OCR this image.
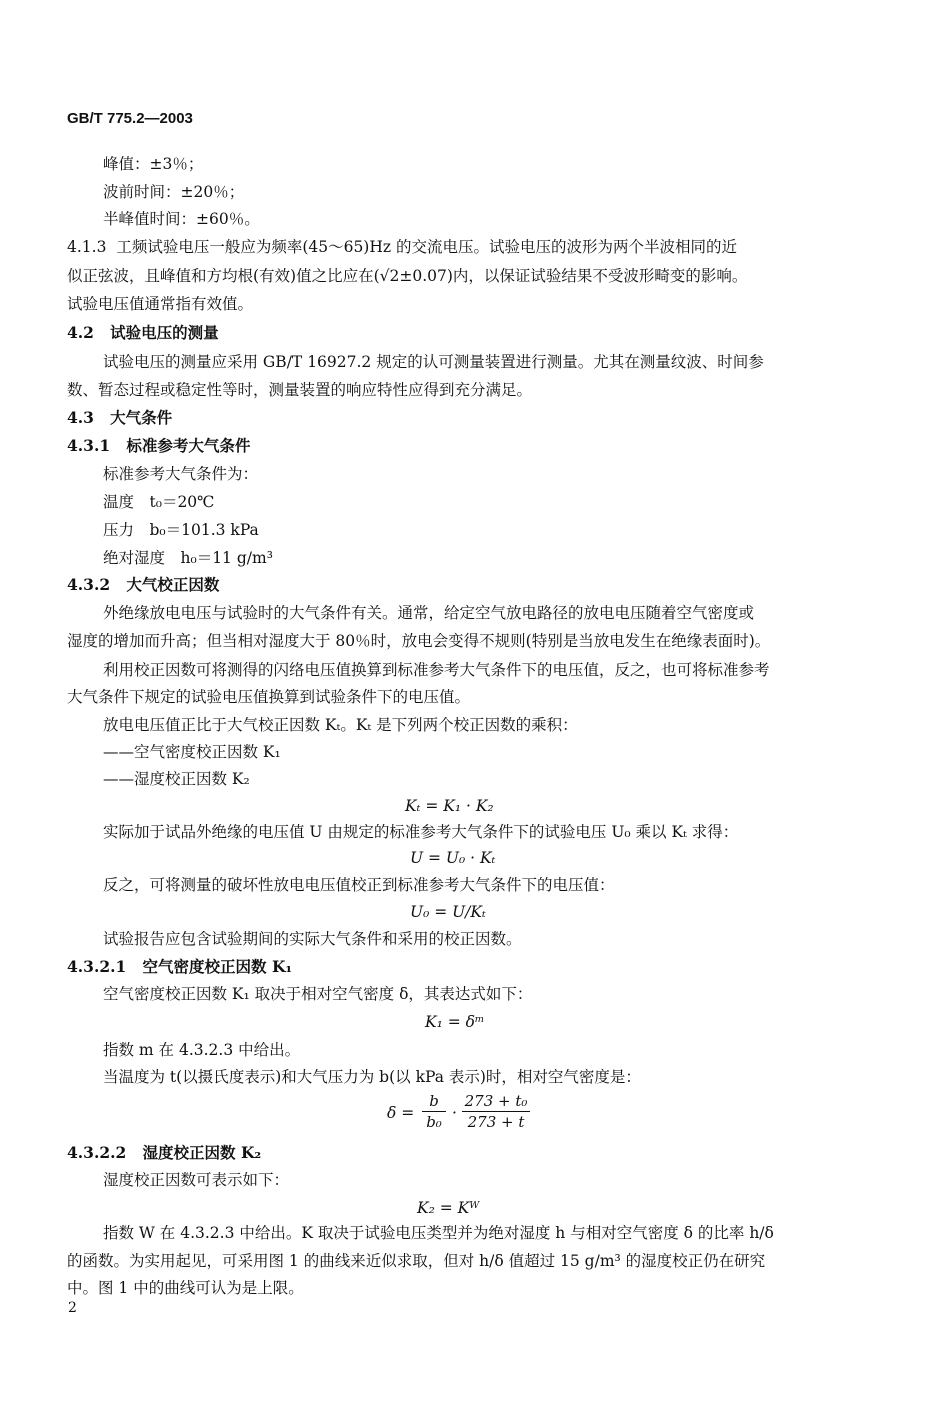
GB/T 775.2—2003
峰值：±3％；
波前时间：±20％；
半峰值时间：±60％。
4.1.3 工频试验电压一般应为频率(45～65)Hz 的交流电压。试验电压的波形为两个半波相同的近
似正弦波，且峰值和方均根(有效)值之比应在(√2±0.07)内，以保证试验结果不受波形畸变的影响。
试验电压值通常指有效值。
4.2 试验电压的测量
试验电压的测量应采用 GB/T 16927.2 规定的认可测量装置进行测量。尤其在测量纹波、时间参
数、暂态过程或稳定性等时，测量装置的响应特性应得到充分满足。
4.3 大气条件
4.3.1 标准参考大气条件
标准参考大气条件为：
温度　t₀＝20℃
压力　b₀＝101.3 kPa
绝对湿度　h₀＝11 g/m³
4.3.2 大气校正因数
外绝缘放电电压与试验时的大气条件有关。通常，给定空气放电路径的放电电压随着空气密度或
湿度的增加而升高；但当相对湿度大于 80％时，放电会变得不规则(特别是当放电发生在绝缘表面时)。
利用校正因数可将测得的闪络电压值换算到标准参考大气条件下的电压值，反之，也可将标准参考
大气条件下规定的试验电压值换算到试验条件下的电压值。
放电电压值正比于大气校正因数 Kₜ。Kₜ 是下列两个校正因数的乘积：
——空气密度校正因数 K₁
——湿度校正因数 K₂
Kₜ = K₁ · K₂
实际加于试品外绝缘的电压值 U 由规定的标准参考大气条件下的试验电压 U₀ 乘以 Kₜ 求得：
U = U₀ · Kₜ
反之，可将测量的破坏性放电电压值校正到标准参考大气条件下的电压值：
U₀ = U/Kₜ
试验报告应包含试验期间的实际大气条件和采用的校正因数。
4.3.2.1 空气密度校正因数 K₁
空气密度校正因数 K₁ 取决于相对空气密度 δ，其表达式如下：
K₁ = δᵐ
指数 m 在 4.3.2.3 中给出。
当温度为 t(以摄氏度表示)和大气压力为 b(以 kPa 表示)时，相对空气密度是：
δ =
b
b₀ ·
273 + t₀
273 + t
4.3.2.2 湿度校正因数 K₂
湿度校正因数可表示如下：
K₂ = Kᵂ
指数 W 在 4.3.2.3 中给出。K 取决于试验电压类型并为绝对湿度 h 与相对空气密度 δ 的比率 h/δ
的函数。为实用起见，可采用图 1 的曲线来近似求取，但对 h/δ 值超过 15 g/m³ 的湿度校正仍在研究
中。图 1 中的曲线可认为是上限。
2
